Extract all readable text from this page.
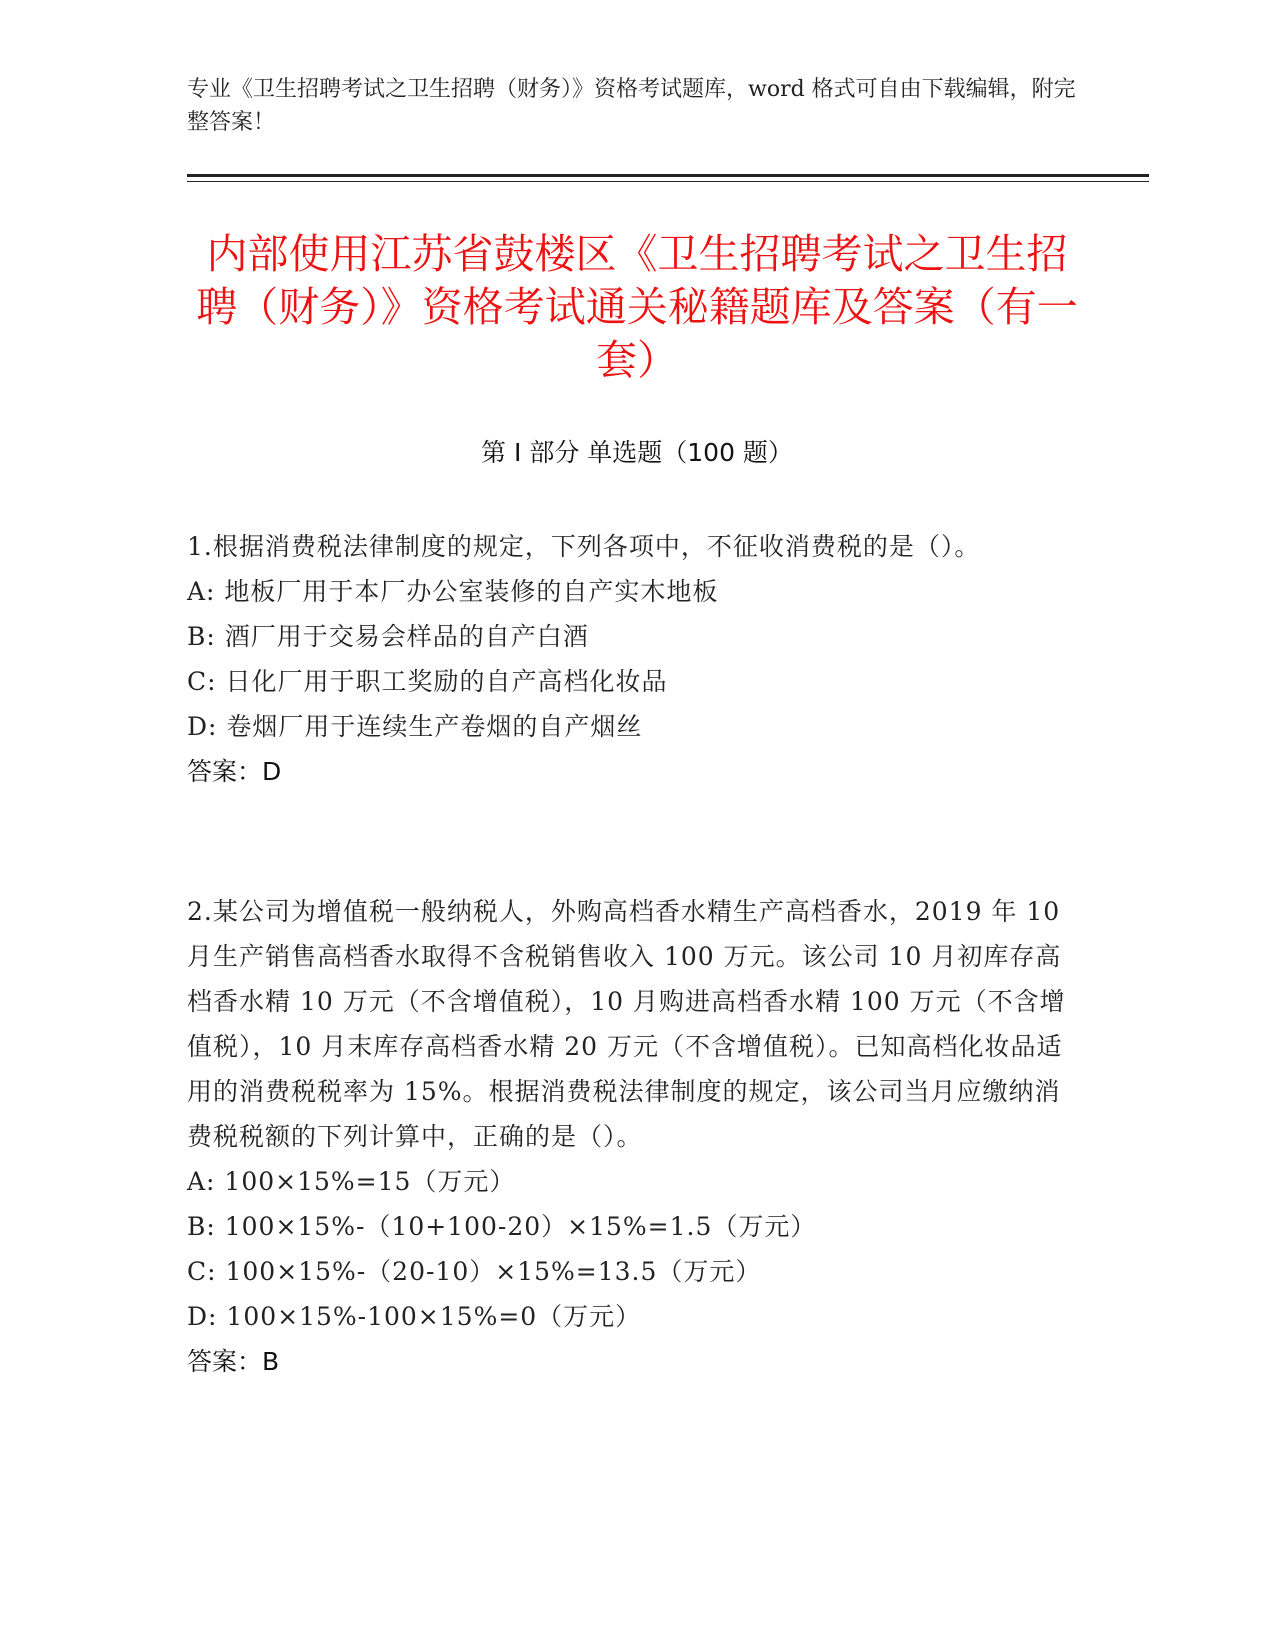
专业《卫生招聘考试之卫生招聘（财务）》资格考试题库，word 格式可自由下载编辑，附完整答案！
内部使用江苏省鼓楼区《卫生招聘考试之卫生招聘（财务）》资格考试通关秘籍题库及答案（有一套）
第 I 部分 单选题（100 题）
1.根据消费税法律制度的规定，下列各项中，不征收消费税的是（）。
A: 地板厂用于本厂办公室装修的自产实木地板
B: 酒厂用于交易会样品的自产白酒
C: 日化厂用于职工奖励的自产高档化妆品
D: 卷烟厂用于连续生产卷烟的自产烟丝
答案：D
2.某公司为增值税一般纳税人，外购高档香水精生产高档香水，2019 年 10 月生产销售高档香水取得不含税销售收入 100 万元。该公司 10 月初库存高档香水精 10 万元（不含增值税），10 月购进高档香水精 100 万元（不含增值税），10 月末库存高档香水精 20 万元（不含增值税）。已知高档化妆品适用的消费税税率为 15%。根据消费税法律制度的规定，该公司当月应缴纳消费税税额的下列计算中，正确的是（）。
A: 100×15%=15（万元）
B: 100×15%-（10+100-20）×15%=1.5（万元）
C: 100×15%-（20-10）×15%=13.5（万元）
D: 100×15%-100×15%=0（万元）
答案：B
